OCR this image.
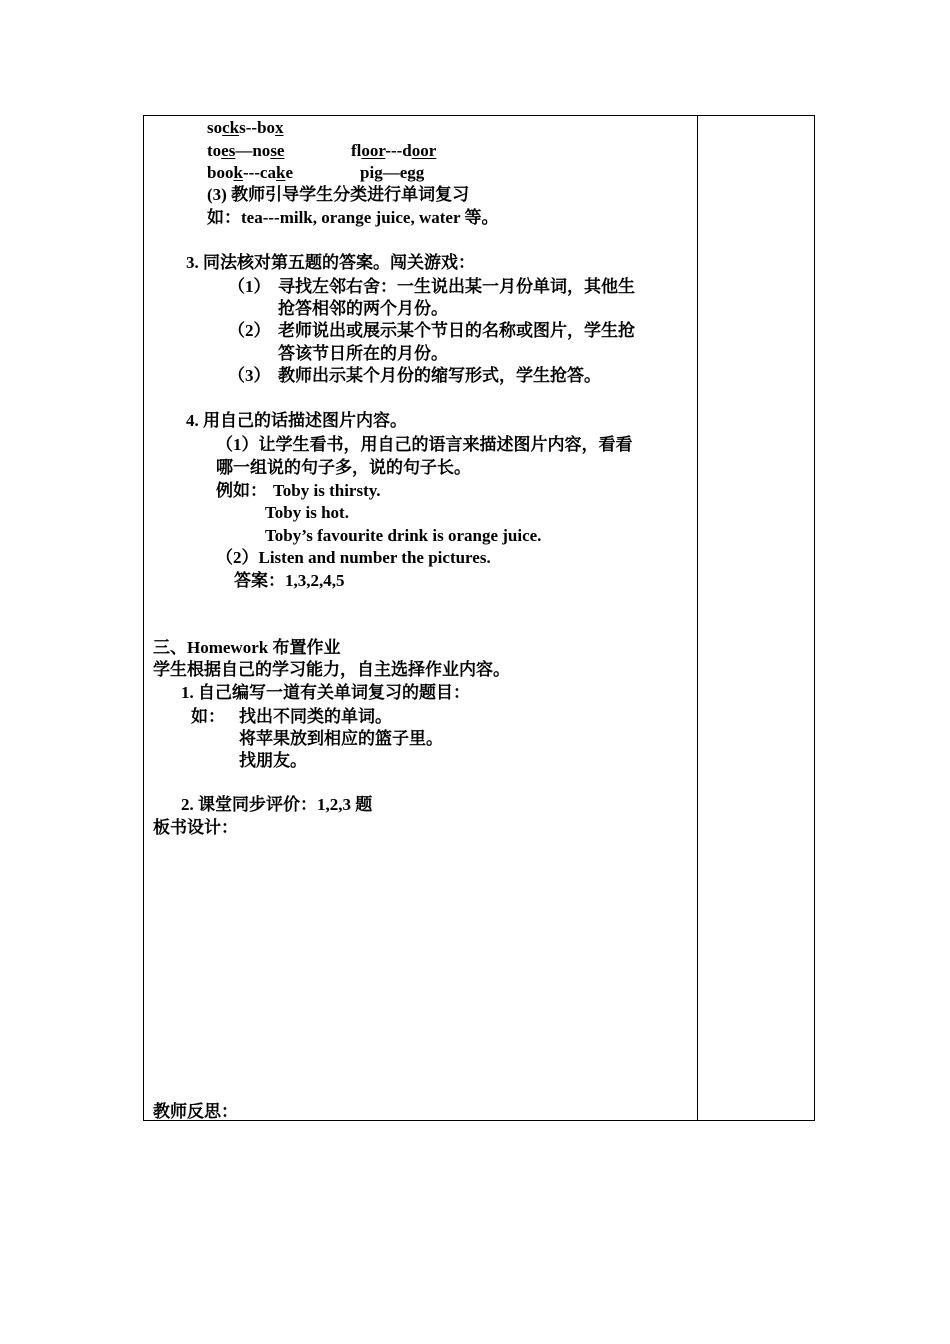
socks--box
toes—nose	floor---door
book---cake	pig—egg
(3) 教师引导学生分类进行单词复习
如：tea---milk, orange juice, water 等。
3. 同法核对第五题的答案。闯关游戏：
（1） 寻找左邻右舍：一生说出某一月份单词，其他生
抢答相邻的两个月份。
（2） 老师说出或展示某个节日的名称或图片，学生抢
答该节日所在的月份。
（3） 教师出示某个月份的缩写形式，学生抢答。
4. 用自己的话描述图片内容。
（1）让学生看书，用自己的语言来描述图片内容，看看
哪一组说的句子多，说的句子长。
例如： Toby is thirsty.
Toby is hot.
Toby’s favourite drink is orange juice.
（2）Listen and number the pictures.
答案：1,3,2,4,5
三、Homework 布置作业
学生根据自己的学习能力，自主选择作业内容。
1. 自己编写一道有关单词复习的题目：
如： 找出不同类的单词。
将苹果放到相应的篮子里。
找朋友。
2. 课堂同步评价：1,2,3 题
板书设计：
教师反思：
